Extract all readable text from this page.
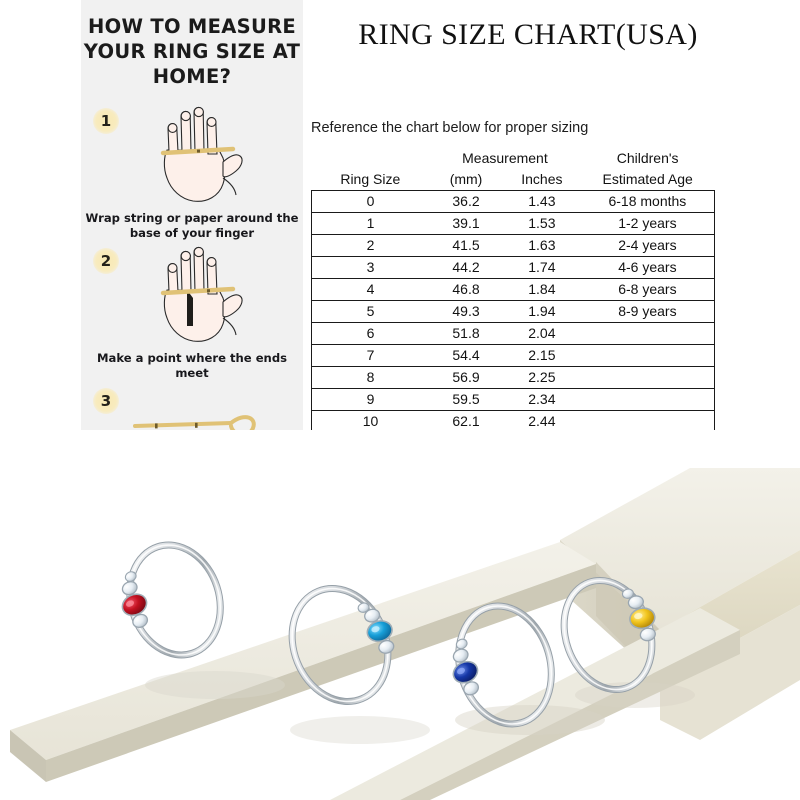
HOW TO MEASURE YOUR RING SIZE AT HOME?
1
Wrap string or paper around the base of your finger
2
Make a point where the ends meet
3
RING SIZE CHART(USA)
Reference the chart below for proper sizing
	Measurement		Children's
Ring Size	(mm)	Inches	Estimated Age
0	36.2	1.43	6-18 months
1	39.1	1.53	1-2 years
2	41.5	1.63	2-4 years
3	44.2	1.74	4-6 years
4	46.8	1.84	6-8 years
5	49.3	1.94	8-9 years
6	51.8	2.04	
7	54.4	2.15	
8	56.9	2.25	
9	59.5	2.34	
10	62.1	2.44	
